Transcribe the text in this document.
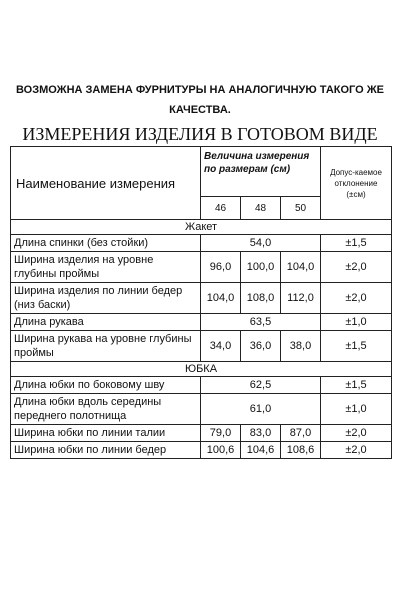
ВОЗМОЖНА ЗАМЕНА ФУРНИТУРЫ НА АНАЛОГИЧНУЮ ТАКОГО ЖЕ КАЧЕСТВА.
ИЗМЕРЕНИЯ ИЗДЕЛИЯ В ГОТОВОМ ВИДЕ
Наименование измерения	Величина измерения по размерам (см)			Допус-каемое отклонение (±см)
	46	48	50	
Жакет				
Длина спинки (без стойки)	54,0			±1,5
Ширина изделия на уровне глубины проймы	96,0	100,0	104,0	±2,0
Ширина изделия по линии бедер (низ баски)	104,0	108,0	112,0	±2,0
Длина рукава	63,5			±1,0
Ширина рукава на уровне глубины проймы	34,0	36,0	38,0	±1,5
ЮБКА				
Длина юбки по боковому шву	62,5			±1,5
Длина юбки вдоль середины переднего полотнища	61,0			±1,0
Ширина юбки по линии талии	79,0	83,0	87,0	±2,0
Ширина юбки по линии бедер	100,6	104,6	108,6	±2,0
